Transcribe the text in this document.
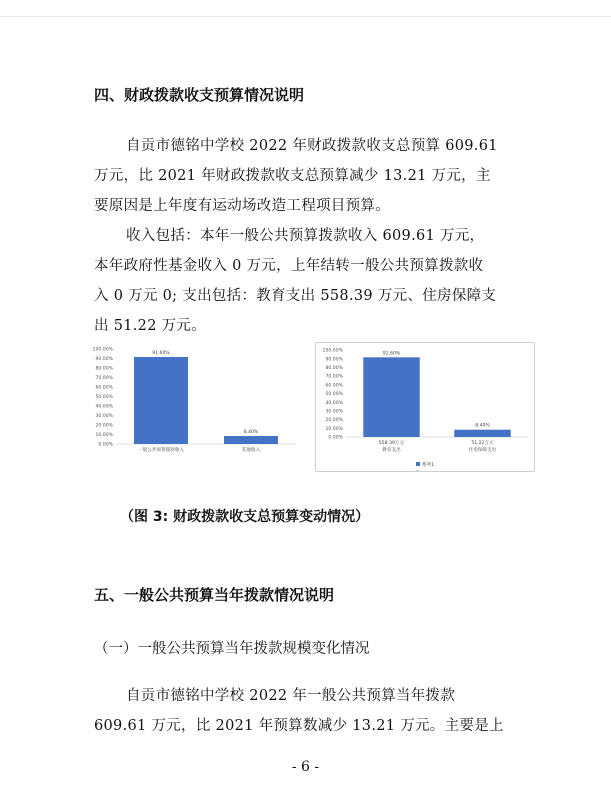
四、财政拨款收支预算情况说明
自贡市德铭中学校 2022 年财政拨款收支总预算 609.61
万元，比 2021 年财政拨款收支总预算减少 13.21 万元，主
要原因是上年度有运动场改造工程项目预算。
收入包括：本年一般公共预算拨款收入 609.61 万元，
本年政府性基金收入 0 万元，上年结转一般公共预算拨款收
入 0 万元 0; 支出包括：教育支出 558.39 万元、住房保障支
出 51.22 万元。
0.00%
10.00%
20.00%
30.00%
40.00%
50.00%
60.00%
70.00%
80.00%
90.00%
100.00%
91.60%
一般公共预算拨款收入
8.40%
其他收入
0.00%
10.00%
20.00%
30.00%
40.00%
50.00%
60.00%
70.00%
80.00%
90.00%
100.00%
91.60%
558.39万元
教育支出
8.40%
51.22万元
住房保障支出
系列1
（图 3: 财政拨款收支总预算变动情况）
五、一般公共预算当年拨款情况说明
（一）一般公共预算当年拨款规模变化情况
自贡市德铭中学校 2022 年一般公共预算当年拨款
609.61 万元，比 2021 年预算数减少 13.21 万元。主要是上
- 6 -
